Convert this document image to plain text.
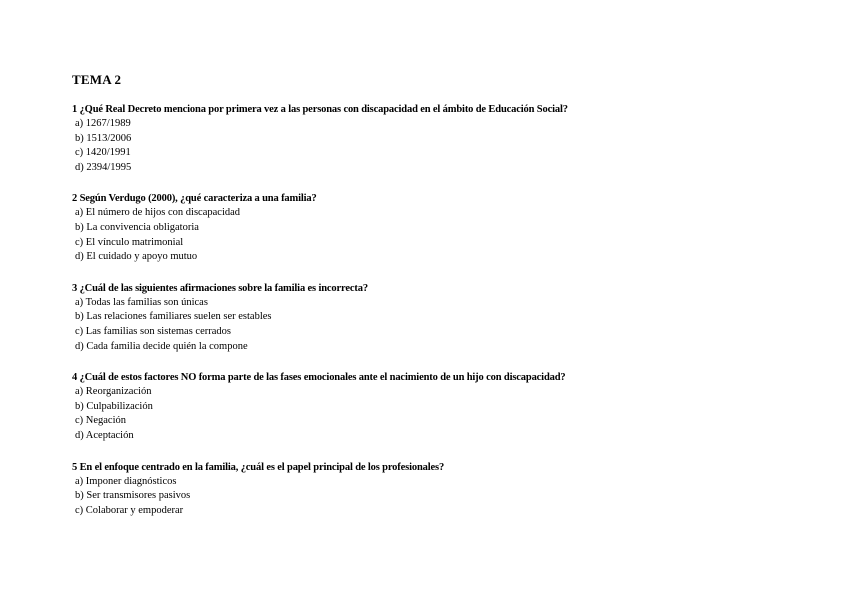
TEMA 2
1 ¿Qué Real Decreto menciona por primera vez a las personas con discapacidad en el ámbito de Educación Social?
a) 1267/1989
b) 1513/2006
c) 1420/1991
d) 2394/1995
2 Según Verdugo (2000), ¿qué caracteriza a una familia?
a) El número de hijos con discapacidad
b) La convivencia obligatoria
c) El vínculo matrimonial
d) El cuidado y apoyo mutuo
3 ¿Cuál de las siguientes afirmaciones sobre la familia es incorrecta?
a) Todas las familias son únicas
b) Las relaciones familiares suelen ser estables
c) Las familias son sistemas cerrados
d) Cada familia decide quién la compone
4 ¿Cuál de estos factores NO forma parte de las fases emocionales ante el nacimiento de un hijo con discapacidad?
a) Reorganización
b) Culpabilización
c) Negación
d) Aceptación
5 En el enfoque centrado en la familia, ¿cuál es el papel principal de los profesionales?
a) Imponer diagnósticos
b) Ser transmisores pasivos
c) Colaborar y empoderar
